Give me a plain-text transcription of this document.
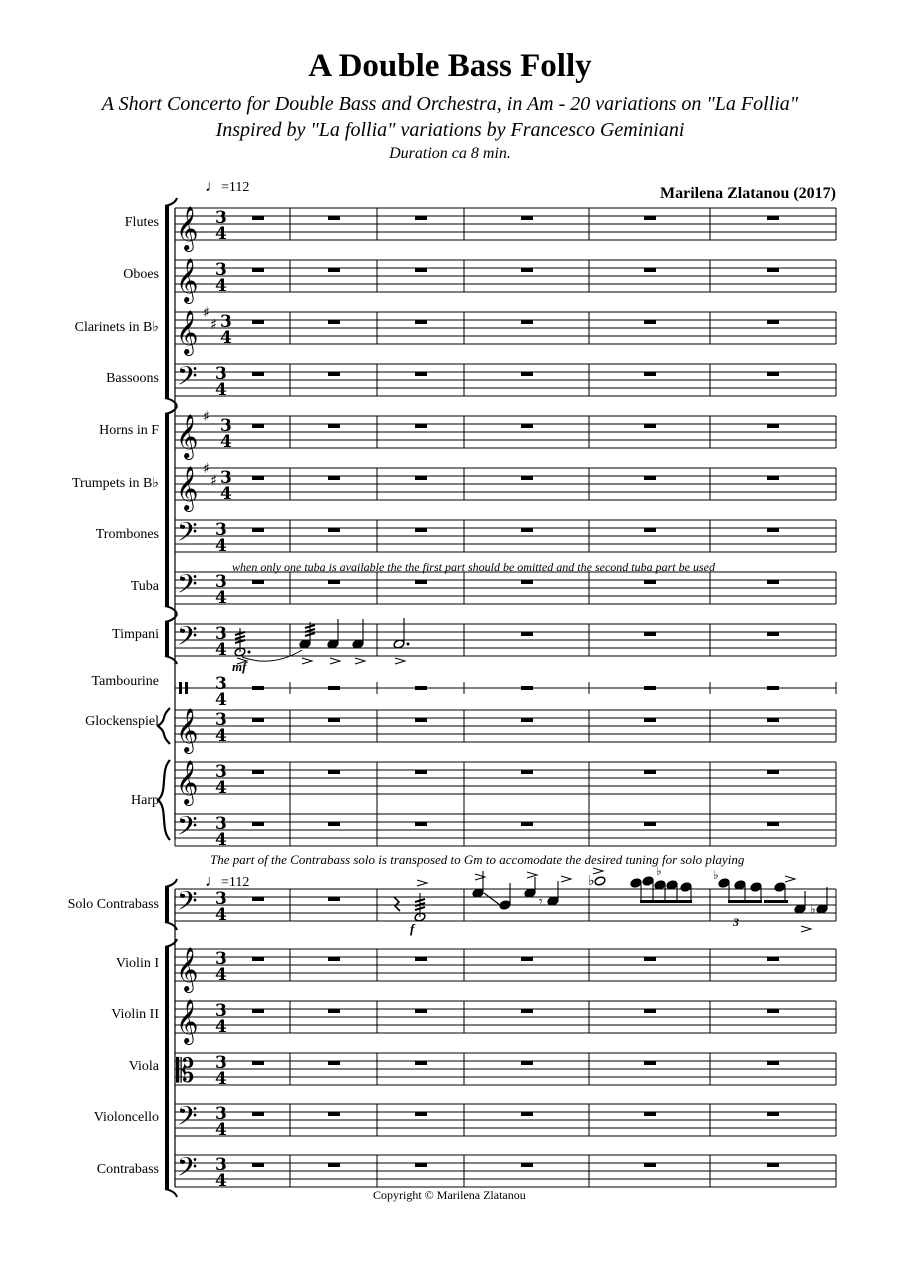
A Double Bass Folly
A Short Concerto for Double Bass and Orchestra, in Am - 20 variations on "La Follia"
Inspired by "La follia" variations by Francesco Geminiani
Duration ca 8 min.
Marilena Zlatanou (2017)
♩=112
♩=112
Flutes
Oboes
Clarinets in B♭
Bassoons
Horns in F
Trumpets in B♭
Trombones
Tuba
Timpani
Tambourine
Glockenspiel
Harp
Solo Contrabass
Violin I
Violin II
Viola
Violoncello
Contrabass
when only one tuba is available the the first part should be omitted and the second tuba part be used
The part of the Contrabass solo is transposed to Gm to accomodate the desired tuning for solo playing
mf
f	3
Copyright © Marilena Zlatanou
𝄞 3
4
𝄞 3
4
𝄞 ♯
♯ 3
4
𝄢 3
4
𝄞 ♯ 3
4
𝄞 ♯
♯ 3
4
𝄢 3
4
𝄢 3
4
𝄢 3
4
3
4
𝄞 3
4
𝄞 3
4
𝄢 3
4
𝄢 3
4
𝄞 3
4
𝄞 3
4
𝄡 3
4
𝄢 3
4
𝄢 3
4
𝄾
♭
♭	♭
♭
